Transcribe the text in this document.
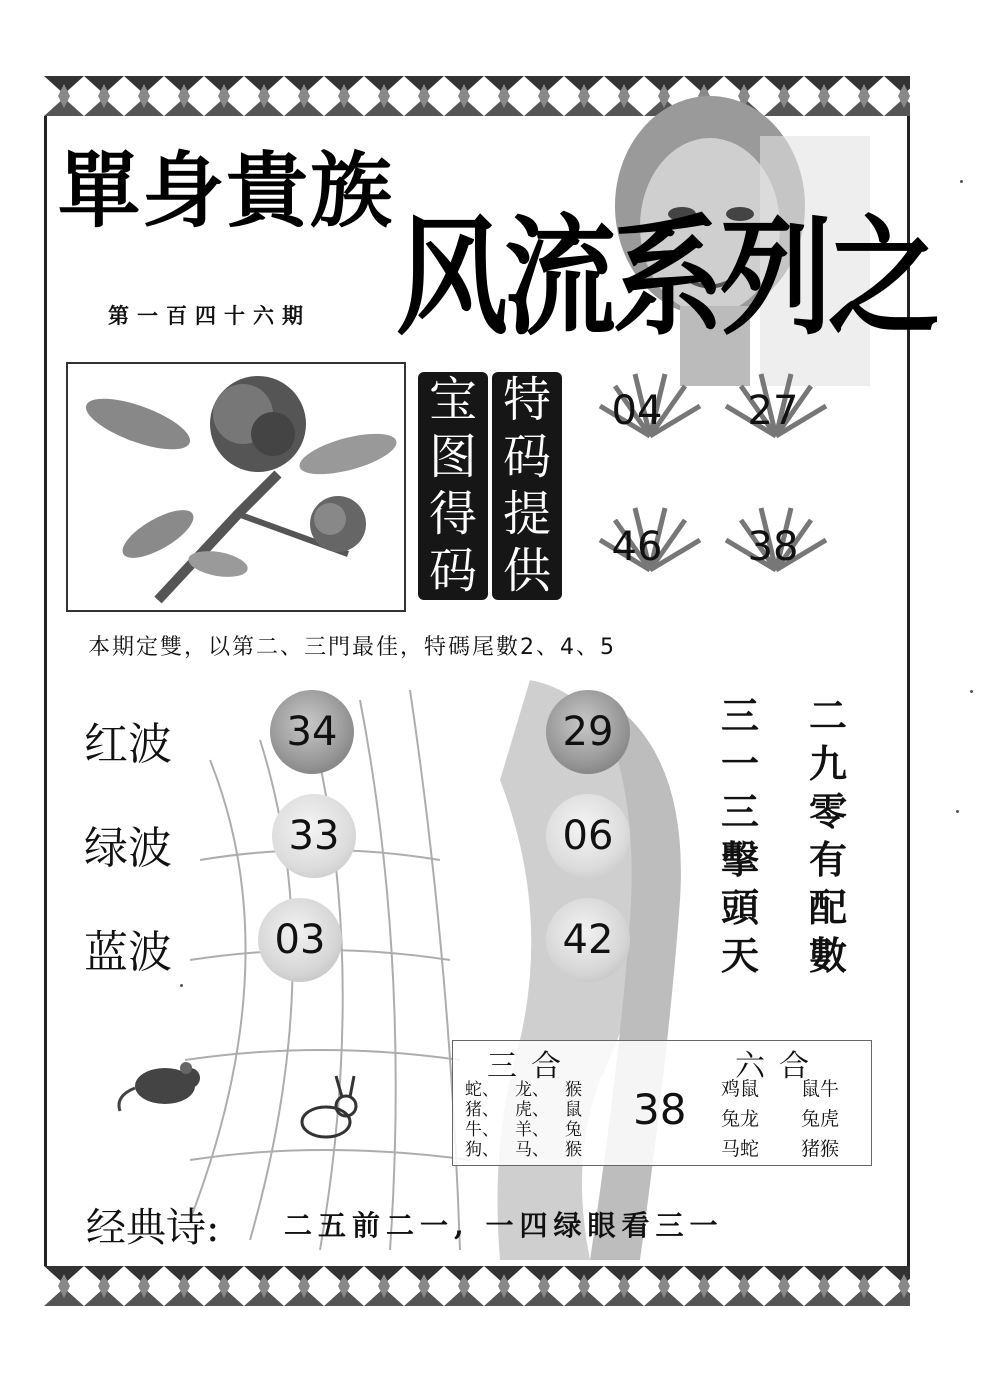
單身貴族
第一百四十六期 风流系列之
宝
图
得
码
特
码
提
供
04	27
46	38
本期定雙，以第二、三門最佳，特碼尾數2、4、5
红波
绿波
蓝波
34	29
33	06
03	42
三
一
三
擊
頭
天
二
九
零
有
配
數
三合	六合
蛇、 龙、 猴
猪、 虎、 鼠
牛、 羊、 兔
狗、 马、 猴
38 鸡鼠	鼠牛
兔龙	兔虎
马蛇	猪猴
经典诗: 二五前二一, 一四绿眼看三一
